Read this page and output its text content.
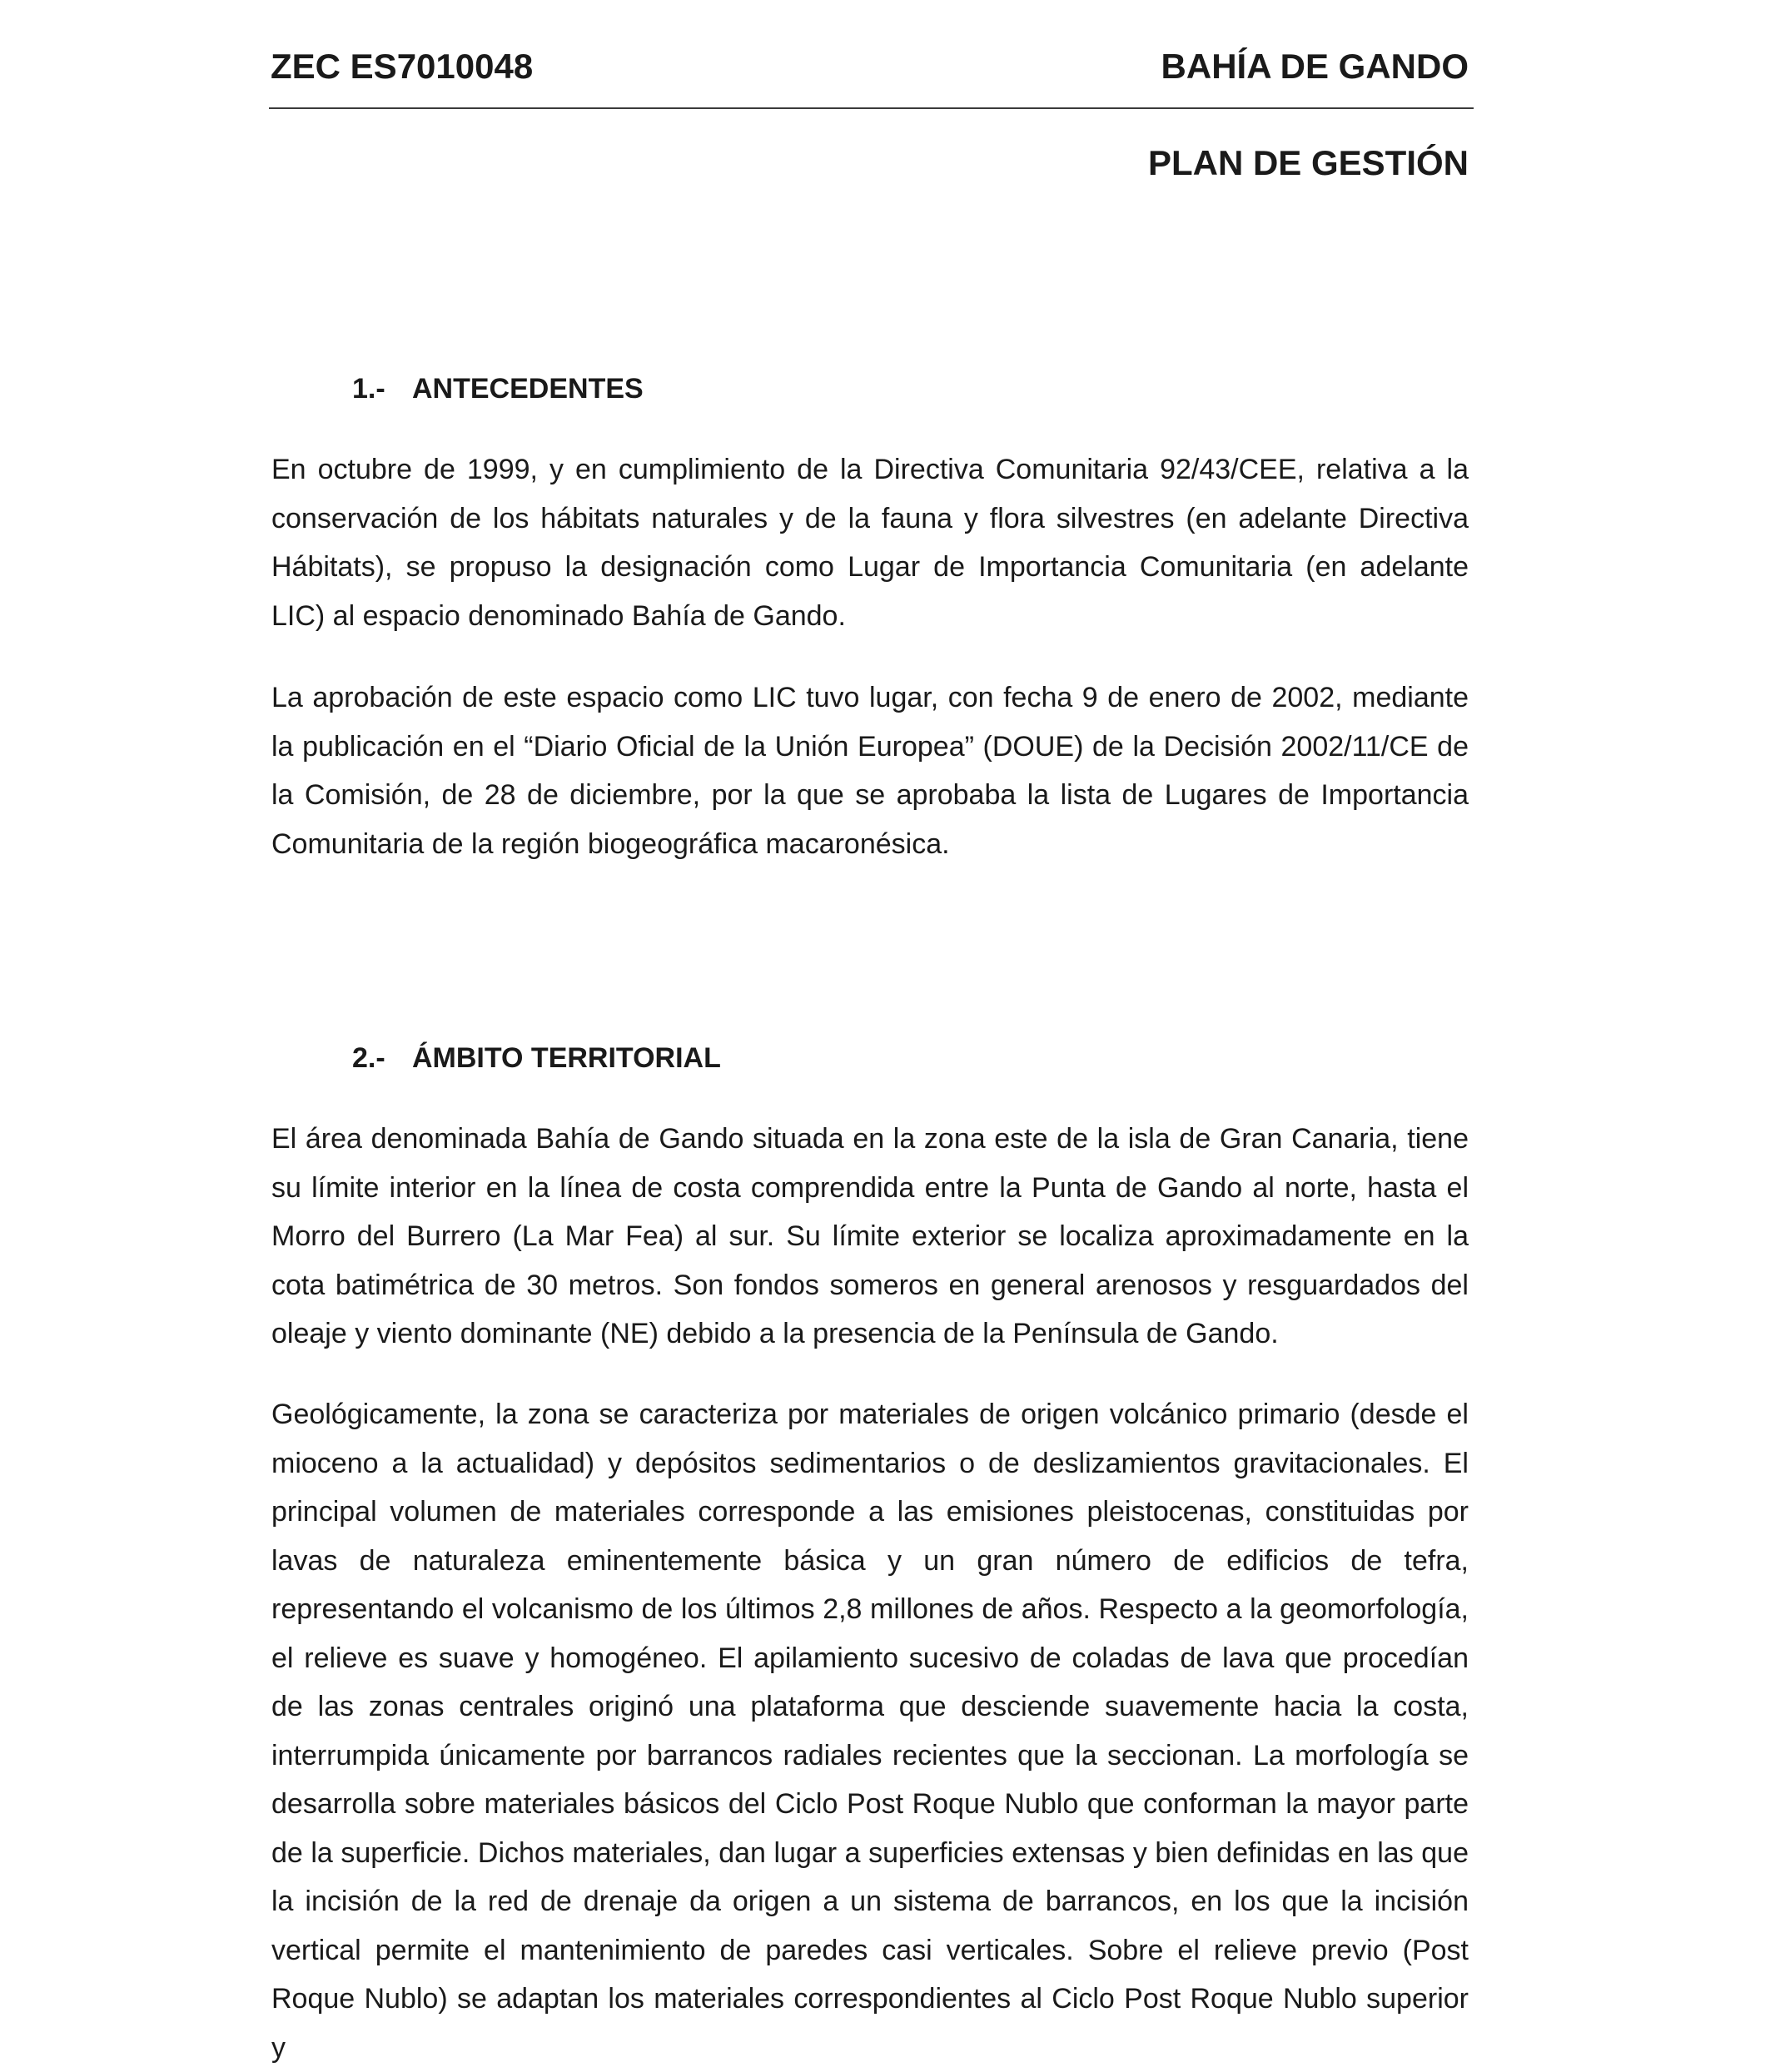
ZEC ES7010048	BAHÍA DE GANDO
PLAN DE GESTIÓN
1.- ANTECEDENTES

En octubre de 1999, y en cumplimiento de la Directiva Comunitaria 92/43/CEE, relativa a la conservación de los hábitats naturales y de la fauna y flora silvestres (en adelante Directiva Hábitats), se propuso la designación como Lugar de Importancia Comunitaria (en adelante LIC) al espacio denominado Bahía de Gando.

La aprobación de este espacio como LIC tuvo lugar, con fecha 9 de enero de 2002, mediante la publicación en el “Diario Oficial de la Unión Europea” (DOUE) de la Decisión 2002/11/CE de la Comisión, de 28 de diciembre, por la que se aprobaba la lista de Lugares de Importancia Comunitaria de la región biogeográfica macaronésica.

2.- ÁMBITO TERRITORIAL

El área denominada Bahía de Gando situada en la zona este de la isla de Gran Canaria, tiene su límite interior en la línea de costa comprendida entre la Punta de Gando al norte, hasta el Morro del Burrero (La Mar Fea) al sur. Su límite exterior se localiza aproximadamente en la cota batimétrica de 30 metros. Son fondos someros en general arenosos y resguardados del oleaje y viento dominante (NE) debido a la presencia de la Península de Gando.

Geológicamente, la zona se caracteriza por materiales de origen volcánico primario (desde el mioceno a la actualidad) y depósitos sedimentarios o de deslizamientos gravitacionales. El principal volumen de materiales corresponde a las emisiones pleistocenas, constituidas por lavas de naturaleza eminentemente básica y un gran número de edificios de tefra, representando el volcanismo de los últimos 2,8 millones de años. Respecto a la geomorfología, el relieve es suave y homogéneo. El apilamiento sucesivo de coladas de lava que procedían de las zonas centrales originó una plataforma que desciende suavemente hacia la costa, interrumpida únicamente por barrancos radiales recientes que la seccionan. La morfología se desarrolla sobre materiales básicos del Ciclo Post Roque Nublo que conforman la mayor parte de la superficie. Dichos materiales, dan lugar a superficies extensas y bien definidas en las que la incisión de la red de drenaje da origen a un sistema de barrancos, en los que la incisión vertical permite el mantenimiento de paredes casi verticales. Sobre el relieve previo (Post Roque Nublo) se adaptan los materiales correspondientes al Ciclo Post Roque Nublo superior y
